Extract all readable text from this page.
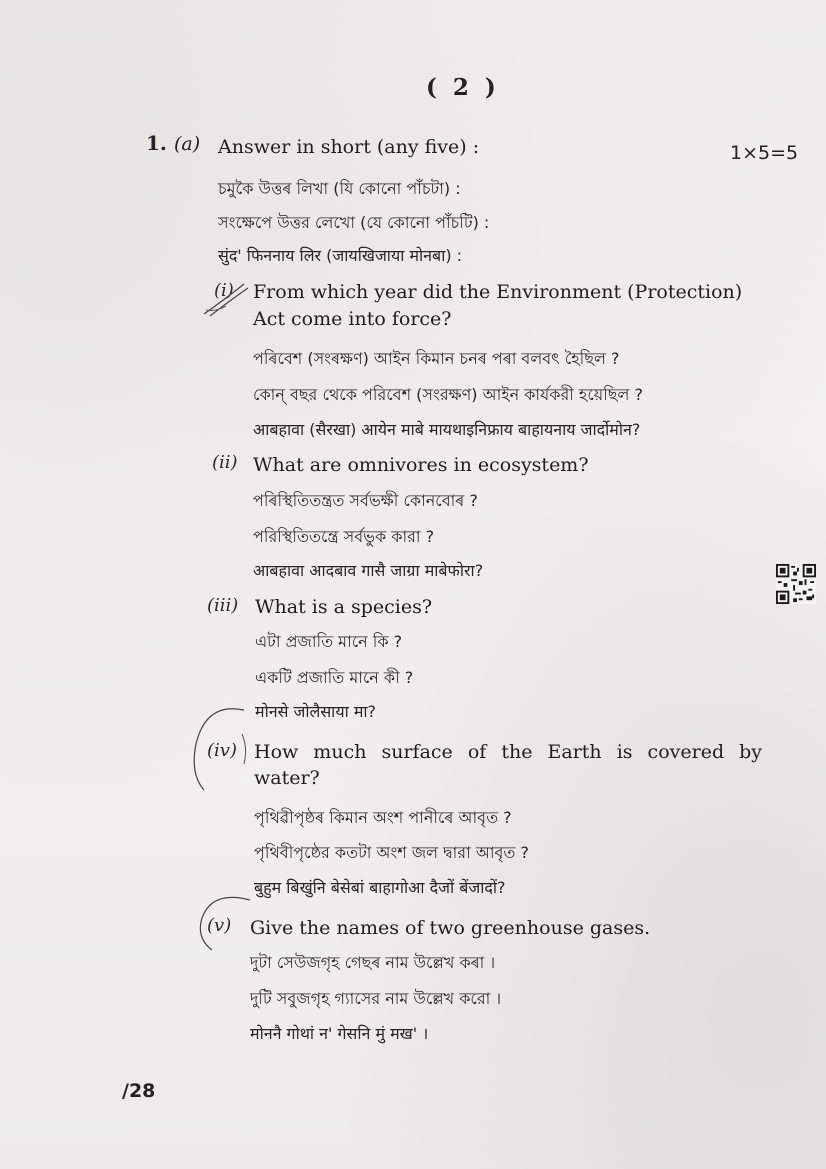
( 2 )
1. (a) Answer in short (any five) :	1×5=5
চমুকৈ উত্তৰ লিখা (যি কোনো পাঁচটা) :
সংক্ষেপে উত্তর লেখো (যে কোনো পাঁচটি) :
सुंद' फिननाय लिर (जायखिजाया मोनबा) :
(i) From which year did the Environment (Protection)
Act come into force?
পৰিবেশ (সংৰক্ষণ) আইন কিমান চনৰ পৰা বলবৎ হৈছিল ?
কোন্ বছর থেকে পরিবেশ (সংরক্ষণ) আইন কার্যকরী হয়েছিল ?
आबहावा (सैरखा) आयेन माबे मायथाइनिफ्राय बाहायनाय जार्दोमोन?
(ii) What are omnivores in ecosystem?
পৰিস্থিতিতন্ত্ৰত সৰ্বভক্ষী কোনবোৰ ?
পরিস্থিতিতন্ত্রে সর্বভুক কারা ?
आबहावा आदबाव गासै जाग्रा माबेफोरा?
(iii) What is a species?
এটা প্ৰজাতি মানে কি ?
একটি প্রজাতি মানে কী ?
मोनसे जोलैसाया मा?
(iv) How much surface of the Earth is covered by
water?
পৃথিৱীপৃষ্ঠৰ কিমান অংশ পানীৰে আবৃত ?
পৃথিবীপৃষ্ঠের কতটা অংশ জল দ্বারা আবৃত ?
बुहुम बिखुंनि बेसेबां बाहागोआ दैजों बेंजादों?
(v) Give the names of two greenhouse gases.
দুটা সেউজগৃহ গেছৰ নাম উল্লেখ কৰা ।
দুটি সবুজগৃহ গ্যাসের নাম উল্লেখ করো ।
मोननै गोथां न' गेसनि मुं मख' ।
/28
